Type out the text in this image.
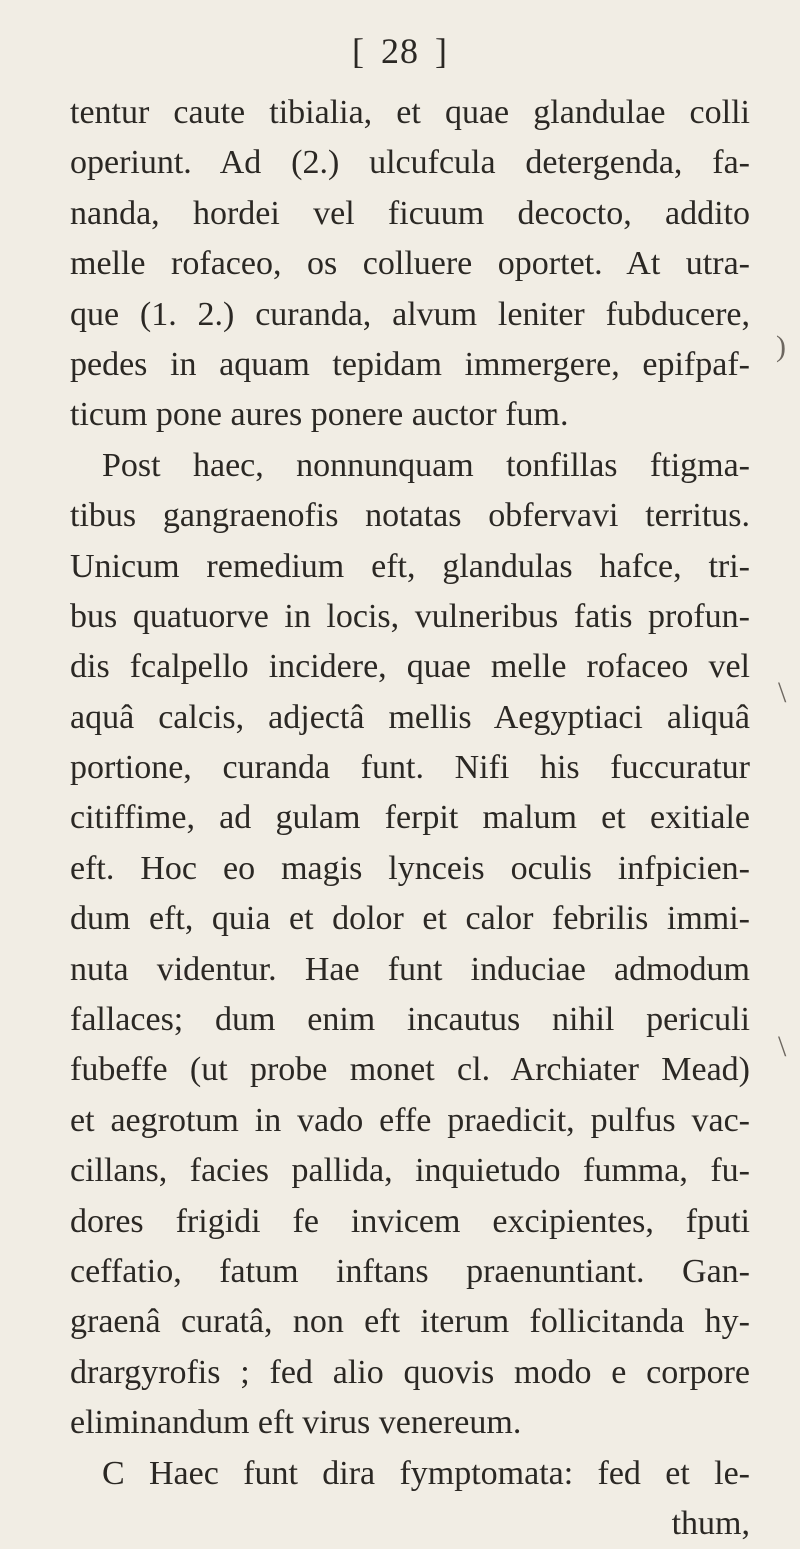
[ 28 ]
tentur caute tibialia, et quae glandulae colli
operiunt. Ad (2.) ulcufcula detergenda, fa-
nanda, hordei vel ficuum decocto, addito
melle rofaceo, os colluere oportet. At utra-
que (1. 2.) curanda, alvum leniter fubducere,
pedes in aquam tepidam immergere, epifpaf-
ticum pone aures ponere auctor fum.
Post haec, nonnunquam tonfillas ftigma-
tibus gangraenofis notatas obfervavi territus.
Unicum remedium eft, glandulas hafce, tri-
bus quatuorve in locis, vulneribus fatis profun-
dis fcalpello incidere, quae melle rofaceo vel
aquâ calcis, adjectâ mellis Aegyptiaci aliquâ
portione, curanda funt. Nifi his fuccuratur
citiffime, ad gulam ferpit malum et exitiale
eft. Hoc eo magis lynceis oculis infpicien-
dum eft, quia et dolor et calor febrilis immi-
nuta videntur. Hae funt induciae admodum
fallaces; dum enim incautus nihil periculi
fubeffe (ut probe monet cl. Archiater Mead)
et aegrotum in vado effe praedicit, pulfus vac-
cillans, facies pallida, inquietudo fumma, fu-
dores frigidi fe invicem excipientes, fputi
ceffatio, fatum inftans praenuntiant. Gan-
graenâ curatâ, non eft iterum follicitanda hy-
drargyrofis ; fed alio quovis modo e corpore
eliminandum eft virus venereum.
C Haec funt dira fymptomata: fed et le-
thum,
)
\
\
